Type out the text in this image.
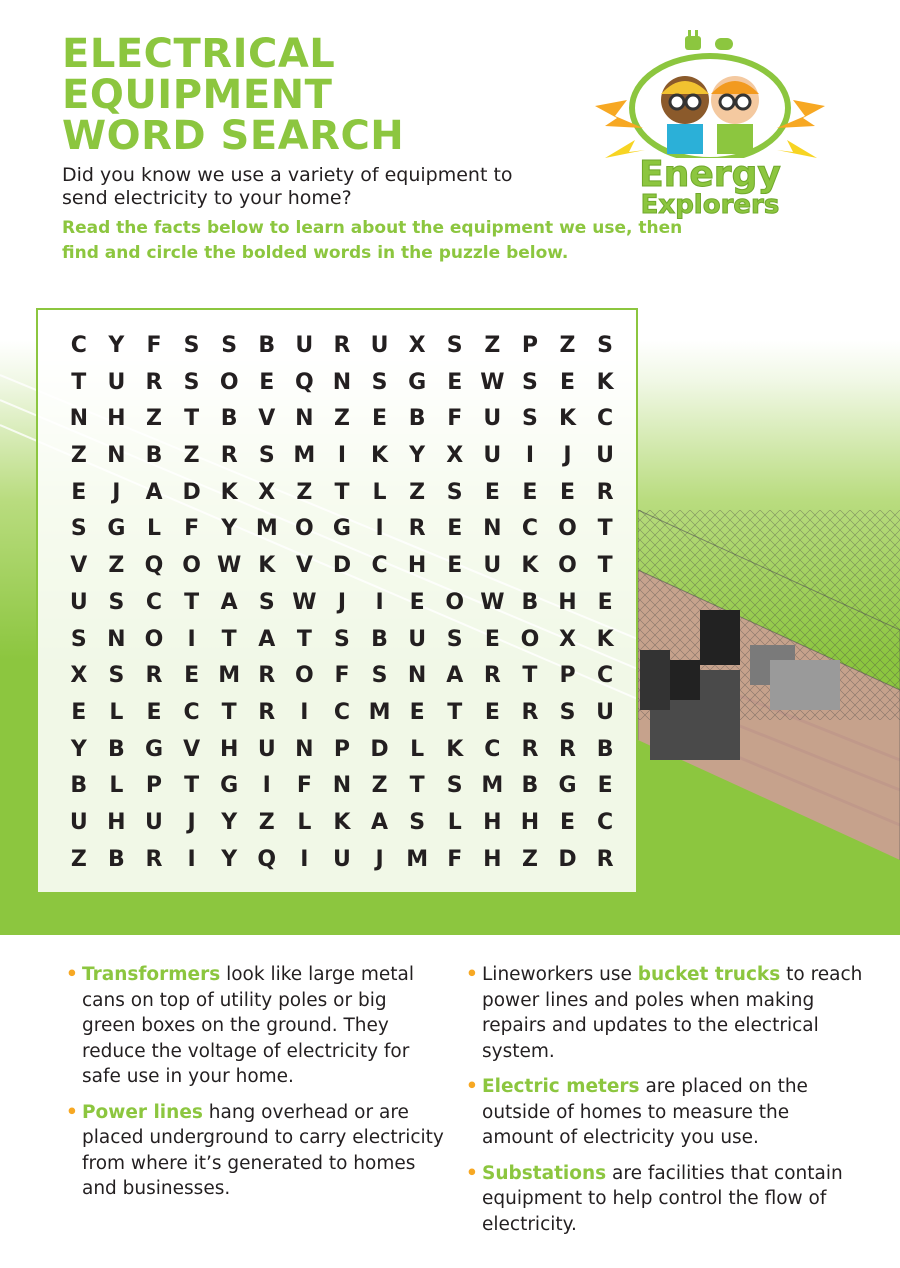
ELECTRICAL
EQUIPMENT
WORD SEARCH

Did you know we use a variety of equipment to send electricity to your home?

Read the facts below to learn about the equipment we use, then find and circle the bolded words in the puzzle below.

Energy
Explorers
C Y	F	S S B U R U X S Z P Z S
T U R S O E Q N S G E W S	E K
N H Z	T B V N Z	E B F U S K C
Z N B Z R S M	I	K Y X U	I	J	U
E	J	A D K X Z	T	L	Z S	E	E	E R
S G L	F	Y M O G	I	R E N C O T
V Z Q O W K V D C H E U K O T
U S C	T A S W J	I	E O W B H E
S N O	I	T A T	S B U S	E O X K
X S R E M R O F	S N A R T	P C
E	L	E	C	T R	I	C M E	T	E R S U
Y B G V H U N P D L	K C R R B
B	L	P	T G	I	F N Z	T	S M B G E
U H U	J	Y Z	L	K A S	L H H E	C
Z B R	I	Y Q	I	U	J	M F H Z D R

• Transformers look like large metal cans on top of utility poles or big green boxes on the ground. They reduce the voltage of electricity for safe use in your home.

• Power lines hang overhead or are placed underground to carry electricity from where it’s generated to homes and businesses.

• Lineworkers use bucket trucks to reach power lines and poles when making repairs and updates to the electrical system.

• Electric meters are placed on the outside of homes to measure the amount of electricity you use.

• Substations are facilities that contain equipment to help control the flow of electricity.
